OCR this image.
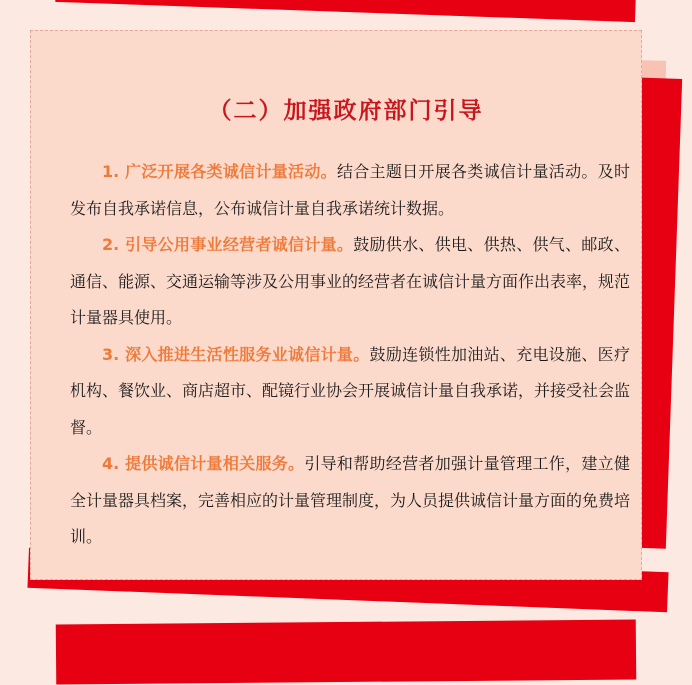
（二）加强政府部门引导

1. 广泛开展各类诚信计量活动。结合主题日开展各类诚信计量活动。及时发布自我承诺信息，公布诚信计量自我承诺统计数据。

2. 引导公用事业经营者诚信计量。鼓励供水、供电、供热、供气、邮政、通信、能源、交通运输等涉及公用事业的经营者在诚信计量方面作出表率，规范计量器具使用。

3. 深入推进生活性服务业诚信计量。鼓励连锁性加油站、充电设施、医疗机构、餐饮业、商店超市、配镜行业协会开展诚信计量自我承诺，并接受社会监督。

4. 提供诚信计量相关服务。引导和帮助经营者加强计量管理工作，建立健全计量器具档案，完善相应的计量管理制度，为人员提供诚信计量方面的免费培训。
